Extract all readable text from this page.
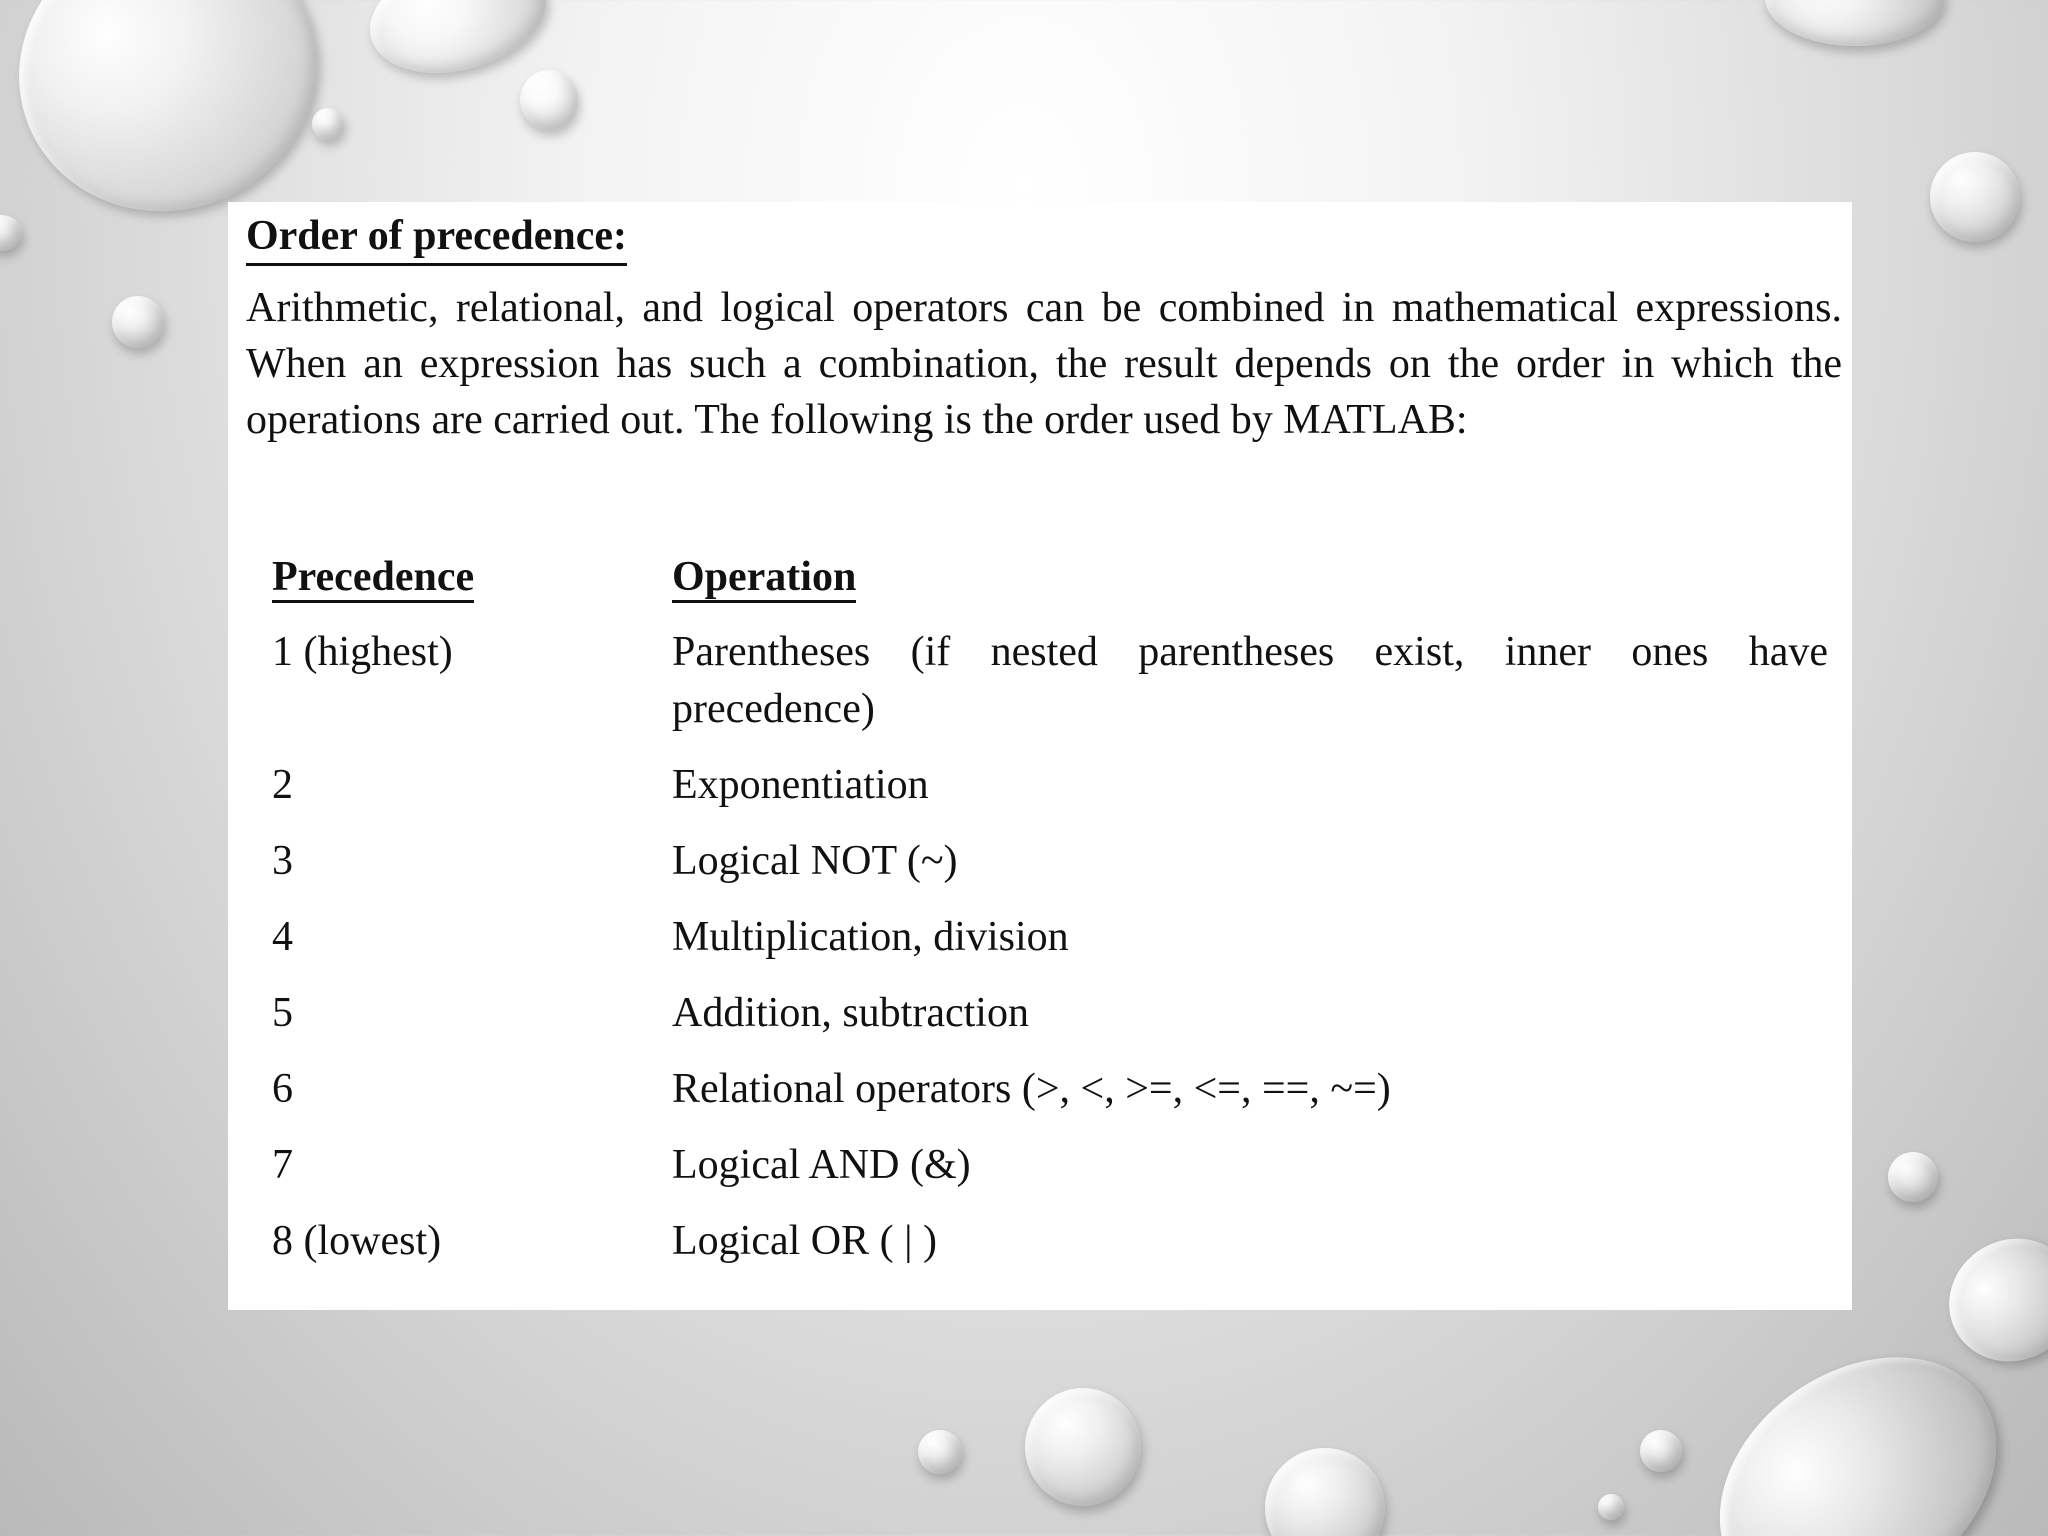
Order of precedence:

Arithmetic, relational, and logical operators can be combined in mathematical expressions. When an expression has such a combination, the result depends on the order in which the operations are carried out. The following is the order used by MATLAB:

Precedence	Operation
1 (highest)	Parentheses (if nested parentheses exist, inner ones have precedence)
2	Exponentiation
3	Logical NOT (~)
4	Multiplication, division
5	Addition, subtraction
6	Relational operators (>, <, >=, <=, ==, ~=)
7	Logical AND (&)
8 (lowest)	Logical OR ( | )
